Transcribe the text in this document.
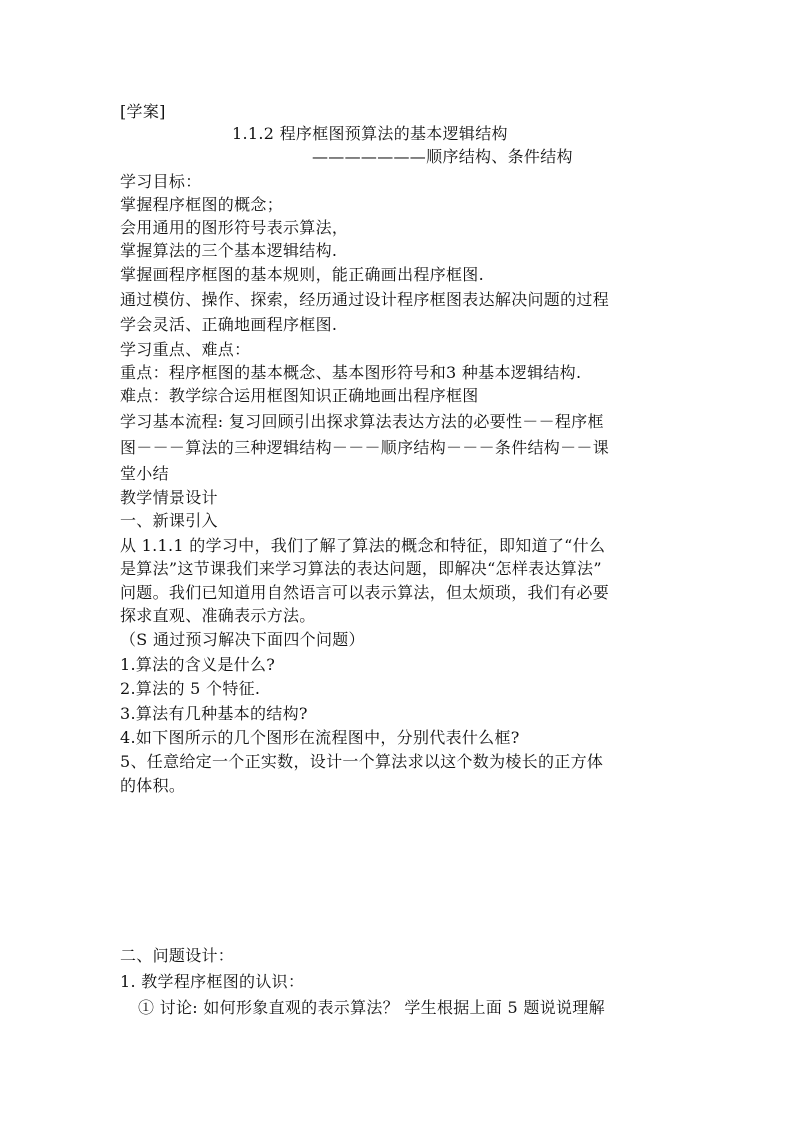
[学案]
1.1.2 程序框图预算法的基本逻辑结构
———————顺序结构、条件结构
学习目标：
掌握程序框图的概念；
会用通用的图形符号表示算法，
掌握算法的三个基本逻辑结构.
掌握画程序框图的基本规则，能正确画出程序框图.
通过模仿、操作、探索，经历通过设计程序框图表达解决问题的过程
学会灵活、正确地画程序框图.
学习重点、难点：
重点：程序框图的基本概念、基本图形符号和3 种基本逻辑结构.
难点：教学综合运用框图知识正确地画出程序框图
学习基本流程: 复习回顾引出探求算法表达方法的必要性－－程序框
图－－－算法的三种逻辑结构－－－顺序结构－－－条件结构－－课
堂小结
教学情景设计
一、新课引入
从 1.1.1 的学习中，我们了解了算法的概念和特征，即知道了“什么
是算法”这节课我们来学习算法的表达问题，即解决“怎样表达算法”
问题。我们已知道用自然语言可以表示算法，但太烦琐，我们有必要
探求直观、准确表示方法。
（S 通过预习解决下面四个问题）
1.算法的含义是什么?
2.算法的 5 个特征.
3.算法有几种基本的结构?
4.如下图所示的几个图形在流程图中，分别代表什么框?
5、任意给定一个正实数，设计一个算法求以这个数为棱长的正方体
的体积。
二、问题设计：
1. 教学程序框图的认识：
① 讨论: 如何形象直观的表示算法？ 学生根据上面 5 题说说理解
